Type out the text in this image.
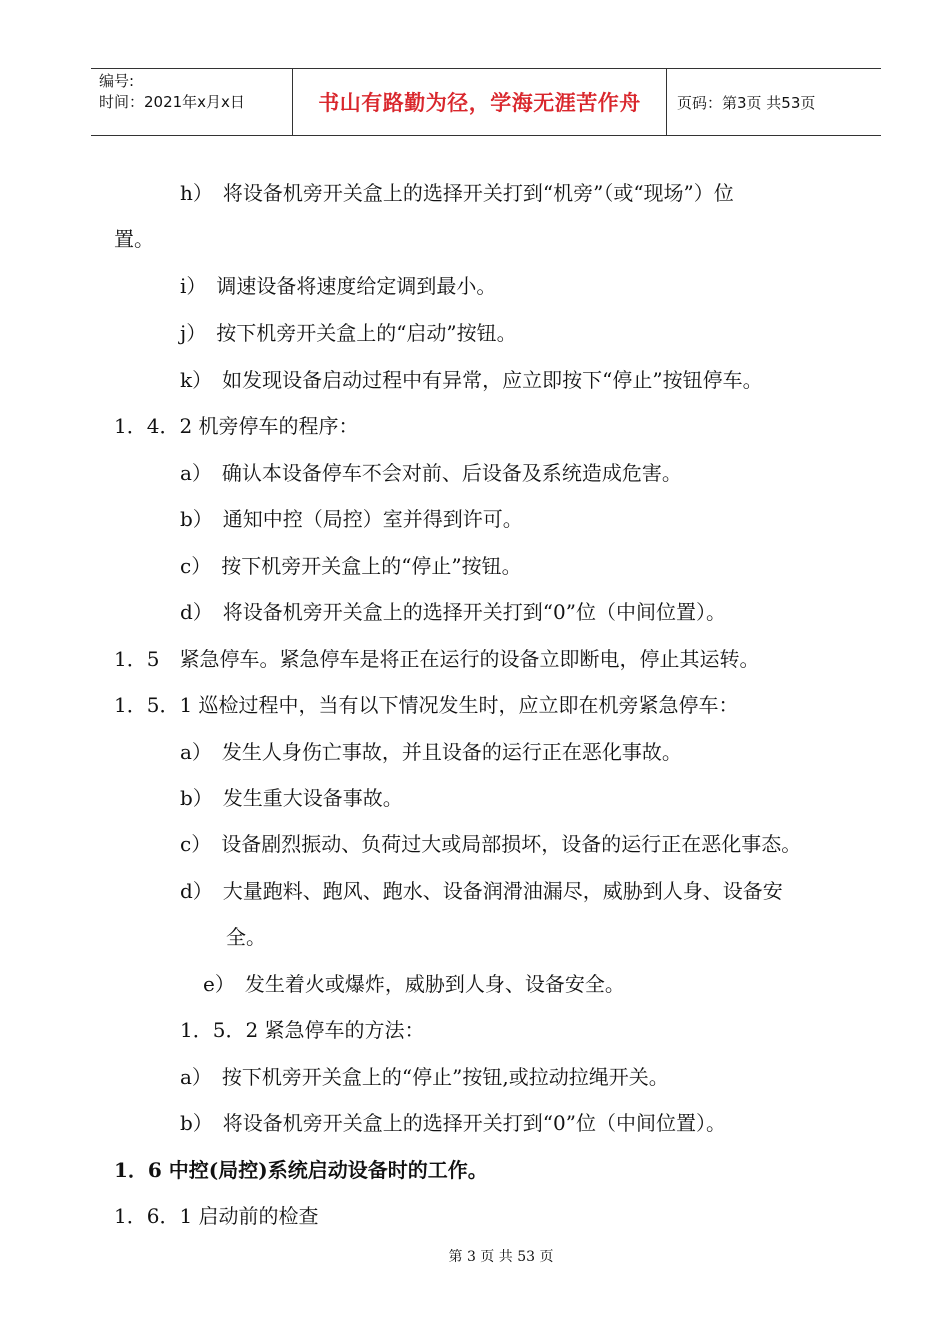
编号:
时间：2021年x月x日	书山有路勤为径，学海无涯苦作舟	页码：第3页 共53页
h）　将设备机旁开关盒上的选择开关打到“机旁”（或“现场”）位
置。
i）　调速设备将速度给定调到最小。
j）　按下机旁开关盒上的“启动”按钮。
k）　如发现设备启动过程中有异常，应立即按下“停止”按钮停车。
1．4．2 机旁停车的程序：
a）　确认本设备停车不会对前、后设备及系统造成危害。
b）　通知中控（局控）室并得到许可。
c）　按下机旁开关盒上的“停止”按钮。
d）　将设备机旁开关盒上的选择开关打到“0”位（中间位置）。
1．5　紧急停车。紧急停车是将正在运行的设备立即断电，停止其运转。
1．5．1 巡检过程中，当有以下情况发生时，应立即在机旁紧急停车：
a）　发生人身伤亡事故，并且设备的运行正在恶化事故。
b）　发生重大设备事故。
c）　设备剧烈振动、负荷过大或局部损坏，设备的运行正在恶化事态。
d）　大量跑料、跑风、跑水、设备润滑油漏尽，威胁到人身、设备安
全。
e）　发生着火或爆炸，威胁到人身、设备安全。
1．5．2 紧急停车的方法：
a）　按下机旁开关盒上的“停止”按钮,或拉动拉绳开关。
b）　将设备机旁开关盒上的选择开关打到“0”位（中间位置）。
1．6 中控(局控)系统启动设备时的工作。
1．6．1 启动前的检查
第 3 页 共 53 页
